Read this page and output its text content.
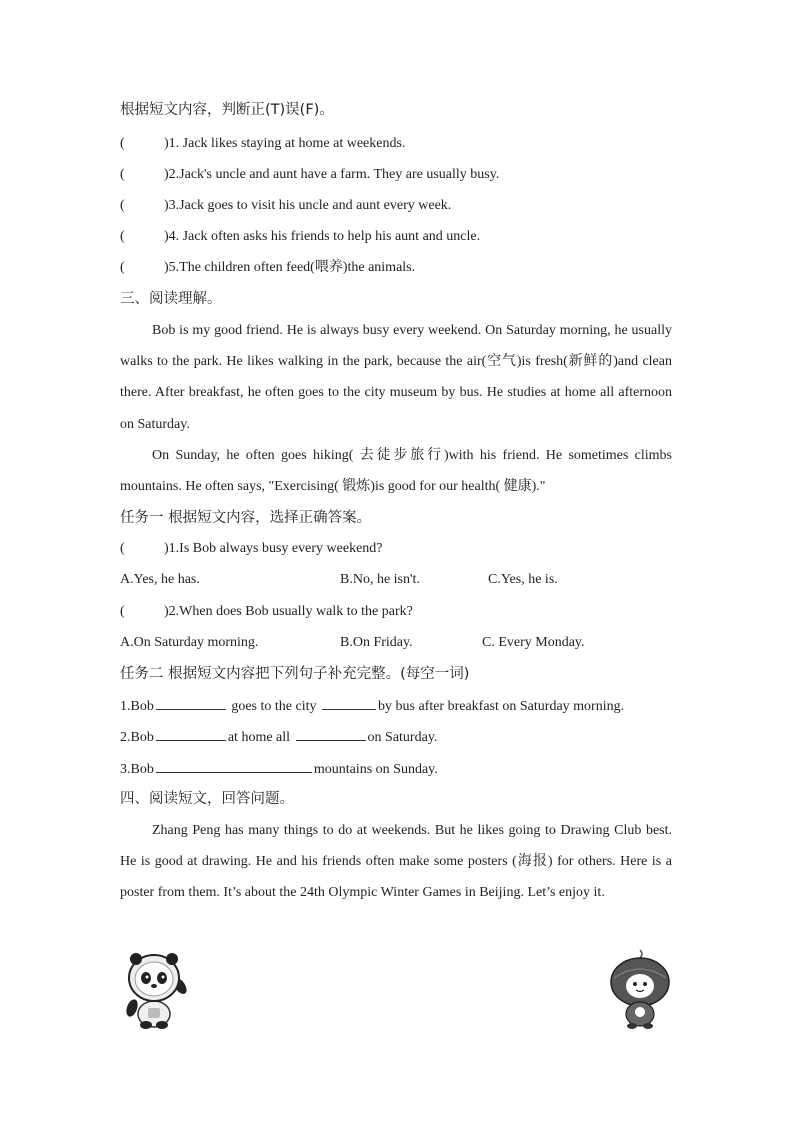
根据短文内容，判断正(T)误(F)。
(	)1. Jack likes staying at home at weekends.
(	)2.Jack's uncle and aunt have a farm. They are usually busy.
(	)3.Jack goes to visit his uncle and aunt every week.
(	)4. Jack often asks his friends to help his aunt and uncle.
(	)5.The children often feed(喂养)the animals.
三、阅读理解。
Bob is my good friend. He is always busy every weekend. On Saturday morning, he usually walks to the park. He likes walking in the park, because the air(空气)is fresh(新鲜的)and clean there. After breakfast, he often goes to the city museum by bus. He studies at home all afternoon on Saturday.
On Sunday, he often goes hiking( 去徒步旅行)with his friend. He sometimes climbs mountains. He often says, "Exercising( 锻炼)is good for our health( 健康)."
任务一 根据短文内容，选择正确答案。
(	)1.Is Bob always busy every weekend?
A.Yes, he has.	B.No, he isn't.	C.Yes, he is.
(	)2.When does Bob usually walk to the park?
A.On Saturday morning.	B.On Friday.	C. Every Monday.
任务二 根据短文内容把下列句子补充完整。(每空一词)
1.Bob	goes to the city	by bus after breakfast on Saturday morning.
2.Bob	at home all	on Saturday.
3.Bob	mountains on Sunday.
四、阅读短文，回答问题。
Zhang Peng has many things to do at weekends. But he likes going to Drawing Club best. He is good at drawing. He and his friends often make some posters (海报) for others. Here is a poster from them. It’s about the 24th Olympic Winter Games in Beijing. Let’s enjoy it.
